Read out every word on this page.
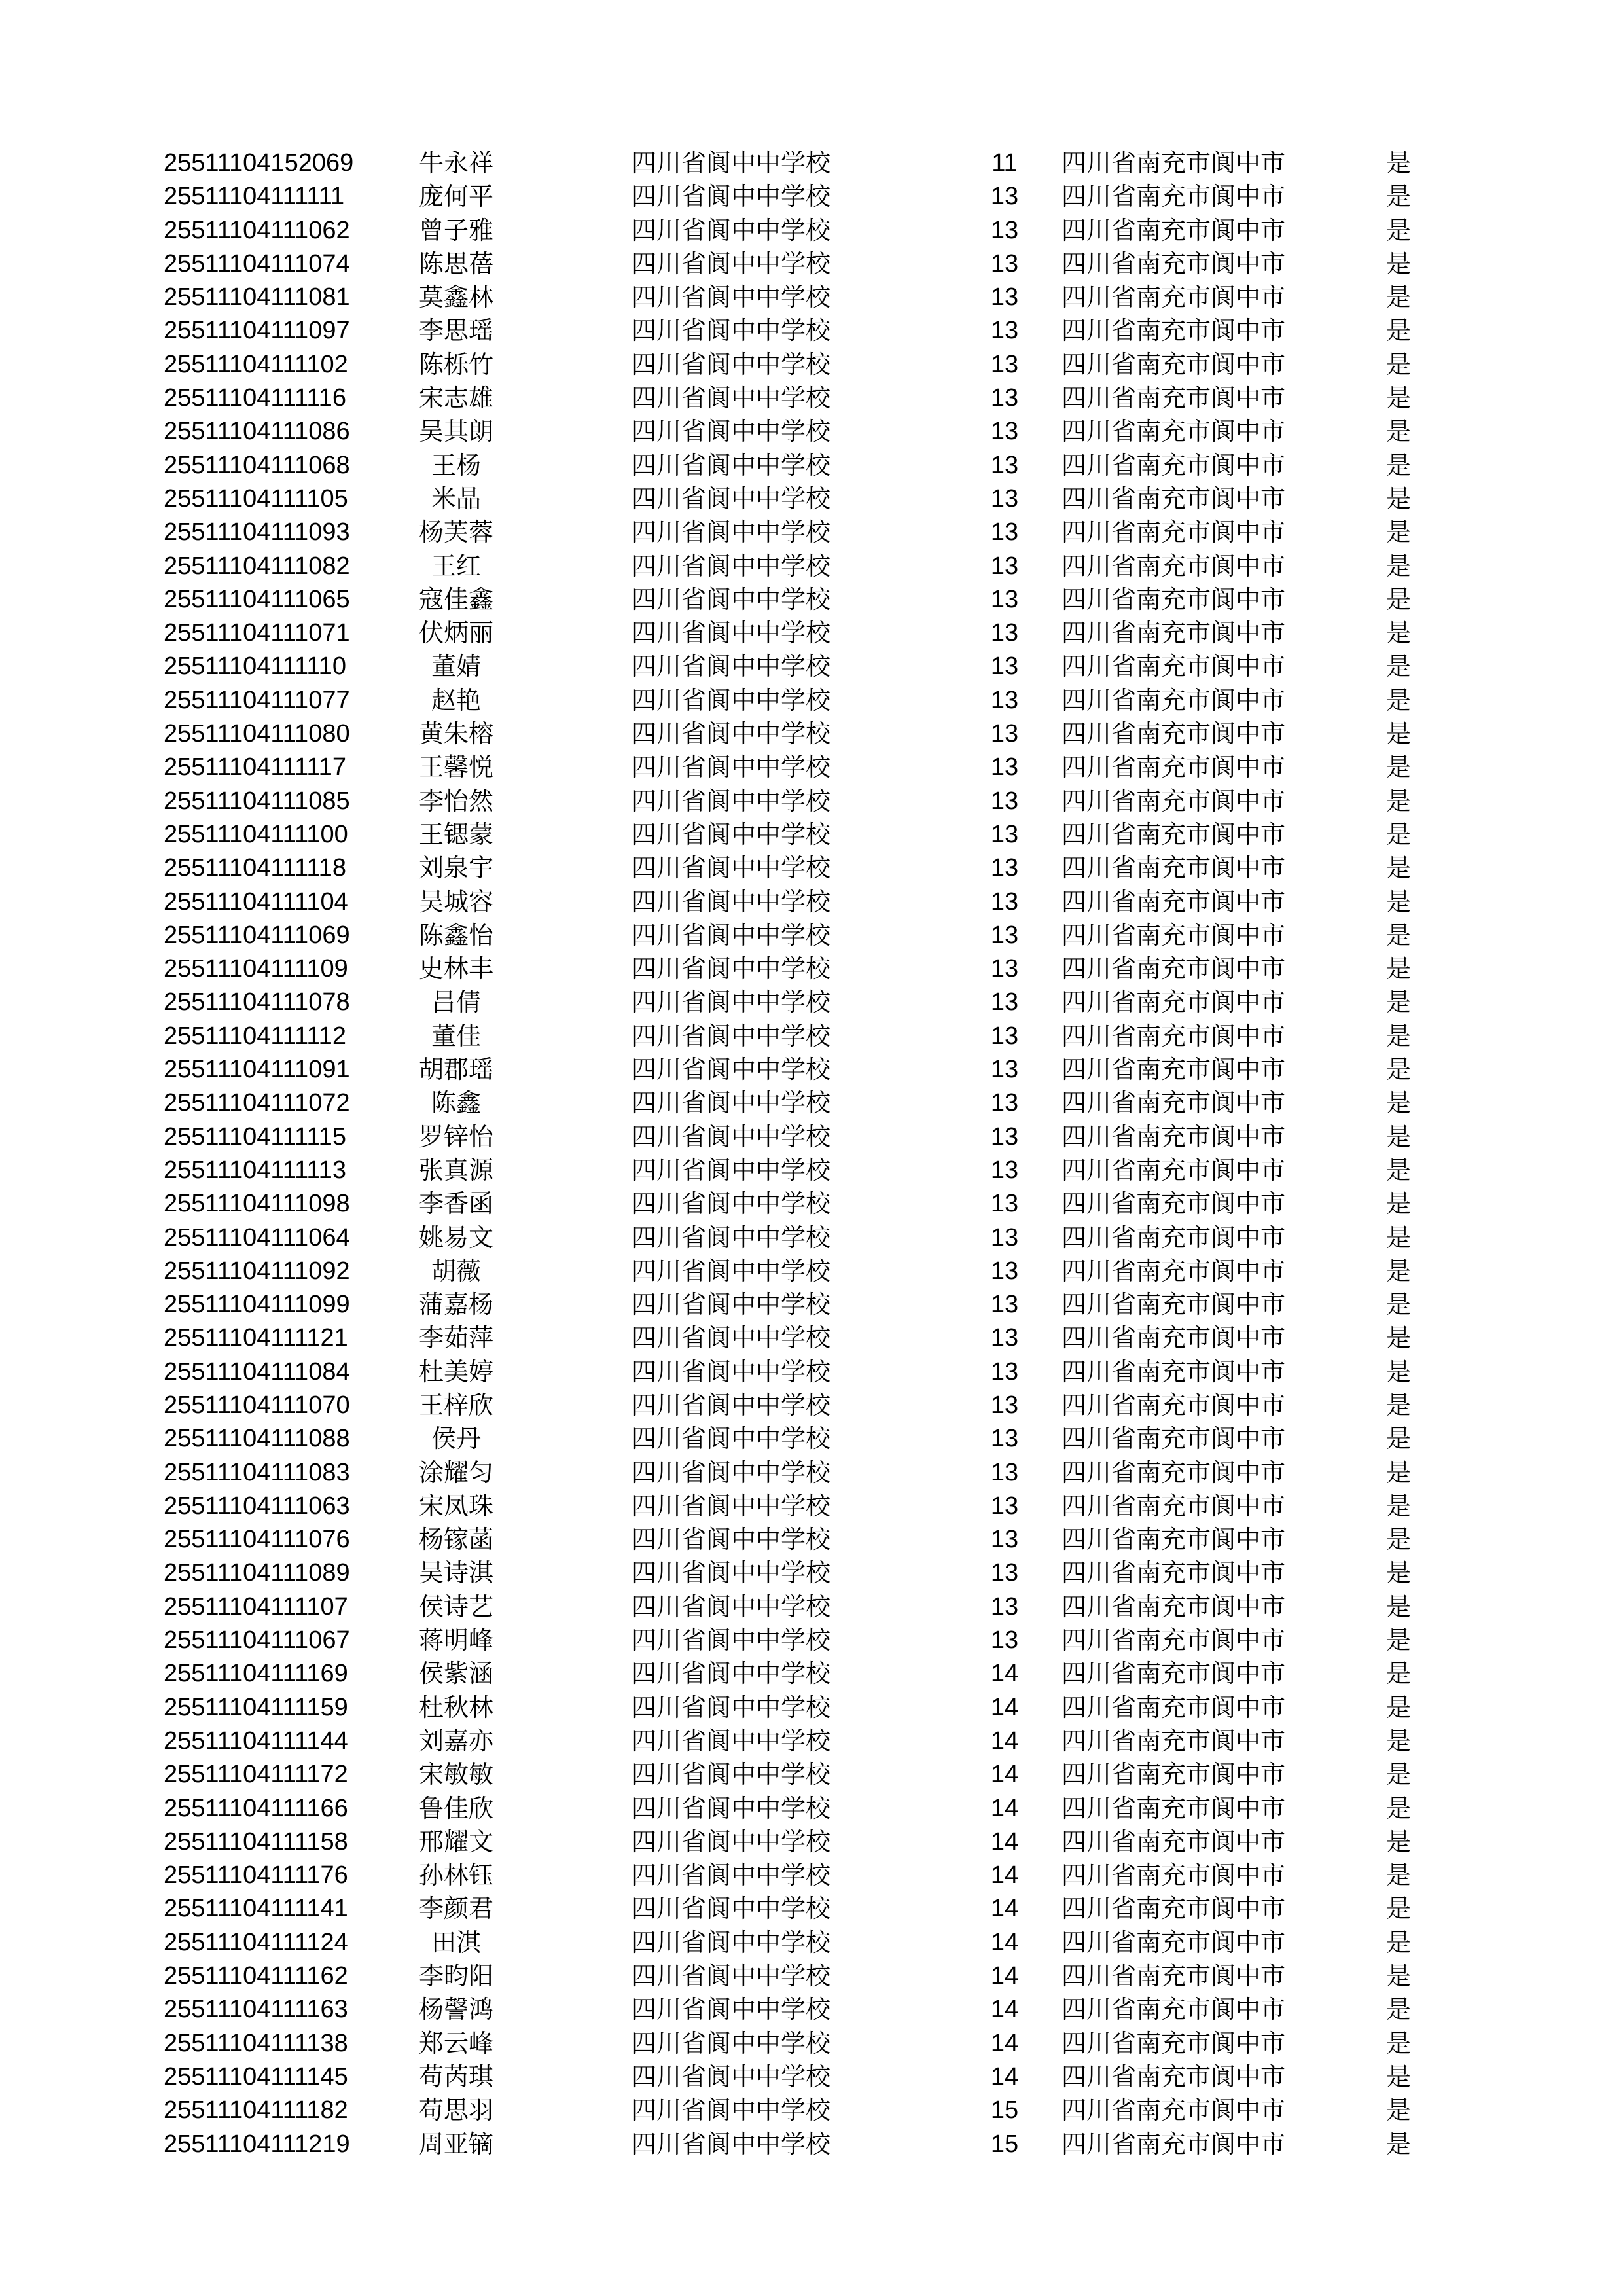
25511104152069	牛永祥	四川省阆中中学校	11	四川省南充市阆中市	是
25511104111111	庞何平	四川省阆中中学校	13	四川省南充市阆中市	是
25511104111062	曾子雅	四川省阆中中学校	13	四川省南充市阆中市	是
25511104111074	陈思蓓	四川省阆中中学校	13	四川省南充市阆中市	是
25511104111081	莫鑫林	四川省阆中中学校	13	四川省南充市阆中市	是
25511104111097	李思瑶	四川省阆中中学校	13	四川省南充市阆中市	是
25511104111102	陈栎竹	四川省阆中中学校	13	四川省南充市阆中市	是
25511104111116	宋志雄	四川省阆中中学校	13	四川省南充市阆中市	是
25511104111086	吴其朗	四川省阆中中学校	13	四川省南充市阆中市	是
25511104111068	王杨	四川省阆中中学校	13	四川省南充市阆中市	是
25511104111105	米晶	四川省阆中中学校	13	四川省南充市阆中市	是
25511104111093	杨芙蓉	四川省阆中中学校	13	四川省南充市阆中市	是
25511104111082	王红	四川省阆中中学校	13	四川省南充市阆中市	是
25511104111065	寇佳鑫	四川省阆中中学校	13	四川省南充市阆中市	是
25511104111071	伏炳丽	四川省阆中中学校	13	四川省南充市阆中市	是
25511104111110	董婧	四川省阆中中学校	13	四川省南充市阆中市	是
25511104111077	赵艳	四川省阆中中学校	13	四川省南充市阆中市	是
25511104111080	黄朱榕	四川省阆中中学校	13	四川省南充市阆中市	是
25511104111117	王馨悦	四川省阆中中学校	13	四川省南充市阆中市	是
25511104111085	李怡然	四川省阆中中学校	13	四川省南充市阆中市	是
25511104111100	王锶蒙	四川省阆中中学校	13	四川省南充市阆中市	是
25511104111118	刘泉宇	四川省阆中中学校	13	四川省南充市阆中市	是
25511104111104	吴城容	四川省阆中中学校	13	四川省南充市阆中市	是
25511104111069	陈鑫怡	四川省阆中中学校	13	四川省南充市阆中市	是
25511104111109	史林丰	四川省阆中中学校	13	四川省南充市阆中市	是
25511104111078	吕倩	四川省阆中中学校	13	四川省南充市阆中市	是
25511104111112	董佳	四川省阆中中学校	13	四川省南充市阆中市	是
25511104111091	胡郡瑶	四川省阆中中学校	13	四川省南充市阆中市	是
25511104111072	陈鑫	四川省阆中中学校	13	四川省南充市阆中市	是
25511104111115	罗锌怡	四川省阆中中学校	13	四川省南充市阆中市	是
25511104111113	张真源	四川省阆中中学校	13	四川省南充市阆中市	是
25511104111098	李香函	四川省阆中中学校	13	四川省南充市阆中市	是
25511104111064	姚易文	四川省阆中中学校	13	四川省南充市阆中市	是
25511104111092	胡薇	四川省阆中中学校	13	四川省南充市阆中市	是
25511104111099	蒲嘉杨	四川省阆中中学校	13	四川省南充市阆中市	是
25511104111121	李茹萍	四川省阆中中学校	13	四川省南充市阆中市	是
25511104111084	杜美婷	四川省阆中中学校	13	四川省南充市阆中市	是
25511104111070	王梓欣	四川省阆中中学校	13	四川省南充市阆中市	是
25511104111088	侯丹	四川省阆中中学校	13	四川省南充市阆中市	是
25511104111083	涂耀匀	四川省阆中中学校	13	四川省南充市阆中市	是
25511104111063	宋凤珠	四川省阆中中学校	13	四川省南充市阆中市	是
25511104111076	杨镓菡	四川省阆中中学校	13	四川省南充市阆中市	是
25511104111089	吴诗淇	四川省阆中中学校	13	四川省南充市阆中市	是
25511104111107	侯诗艺	四川省阆中中学校	13	四川省南充市阆中市	是
25511104111067	蒋明峰	四川省阆中中学校	13	四川省南充市阆中市	是
25511104111169	侯紫涵	四川省阆中中学校	14	四川省南充市阆中市	是
25511104111159	杜秋林	四川省阆中中学校	14	四川省南充市阆中市	是
25511104111144	刘嘉亦	四川省阆中中学校	14	四川省南充市阆中市	是
25511104111172	宋敏敏	四川省阆中中学校	14	四川省南充市阆中市	是
25511104111166	鲁佳欣	四川省阆中中学校	14	四川省南充市阆中市	是
25511104111158	邢耀文	四川省阆中中学校	14	四川省南充市阆中市	是
25511104111176	孙林钰	四川省阆中中学校	14	四川省南充市阆中市	是
25511104111141	李颜君	四川省阆中中学校	14	四川省南充市阆中市	是
25511104111124	田淇	四川省阆中中学校	14	四川省南充市阆中市	是
25511104111162	李昀阳	四川省阆中中学校	14	四川省南充市阆中市	是
25511104111163	杨謦鸿	四川省阆中中学校	14	四川省南充市阆中市	是
25511104111138	郑云峰	四川省阆中中学校	14	四川省南充市阆中市	是
25511104111145	苟芮琪	四川省阆中中学校	14	四川省南充市阆中市	是
25511104111182	苟思羽	四川省阆中中学校	15	四川省南充市阆中市	是
25511104111219	周亚镝	四川省阆中中学校	15	四川省南充市阆中市	是
